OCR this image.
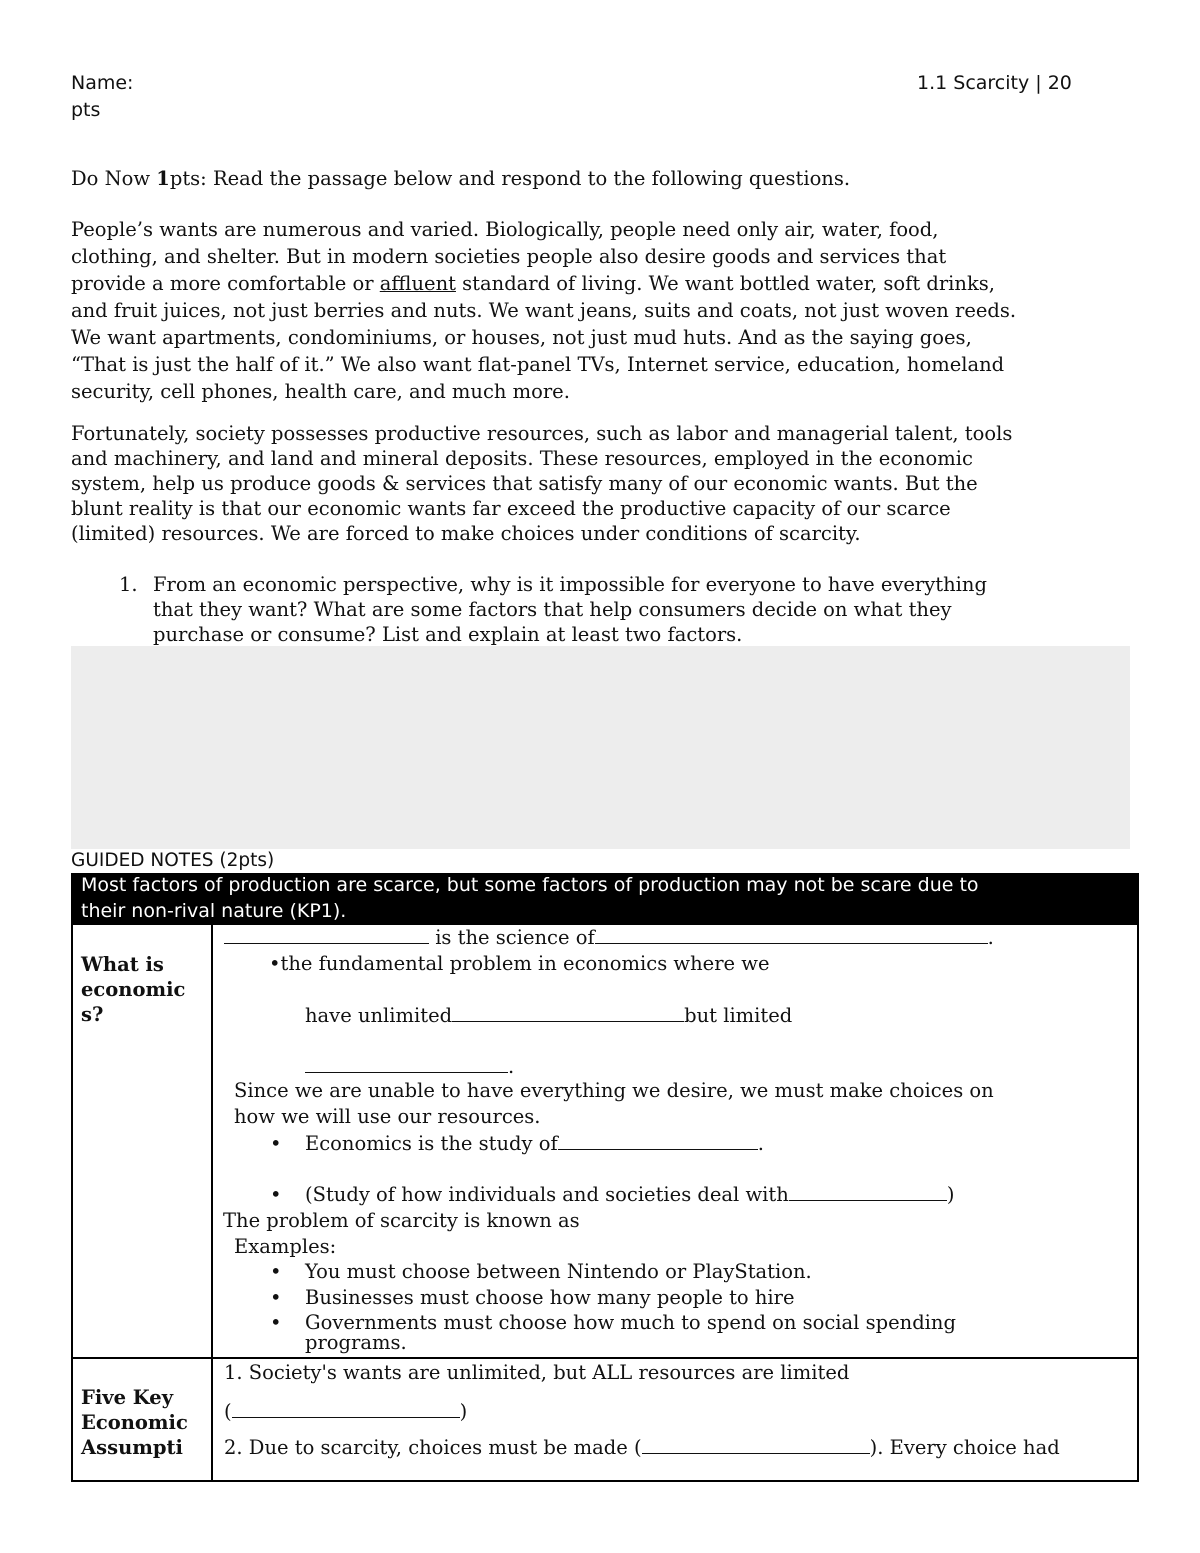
Name:
pts
1.1 Scarcity | 20
Do Now 1pts: Read the passage below and respond to the following questions.
People’s wants are numerous and varied. Biologically, people need only air, water, food,
clothing, and shelter. But in modern societies people also desire goods and services that
provide a more comfortable or affluent standard of living. We want bottled water, soft drinks,
and fruit juices, not just berries and nuts. We want jeans, suits and coats, not just woven reeds.
We want apartments, condominiums, or houses, not just mud huts. And as the saying goes,
“That is just the half of it.” We also want flat-panel TVs, Internet service, education, homeland
security, cell phones, health care, and much more.
Fortunately, society possesses productive resources, such as labor and managerial talent, tools
and machinery, and land and mineral deposits. These resources, employed in the economic
system, help us produce goods & services that satisfy many of our economic wants. But the
blunt reality is that our economic wants far exceed the productive capacity of our scarce
(limited) resources. We are forced to make choices under conditions of scarcity.
1. From an economic perspective, why is it impossible for everyone to have everything
that they want? What are some factors that help consumers decide on what they
purchase or consume? List and explain at least two factors.
GUIDED NOTES (2pts)
Most factors of production are scarce, but some factors of production may not be scare due to
their non-rival nature (KP1).
What is
economic
s?
is the science of	.
•the fundamental problem in economics where we
have unlimited	but limited
.
Since we are unable to have everything we desire, we must make choices on
how we will use our resources.
• Economics is the study of	.
• (Study of how individuals and societies deal with	)
The problem of scarcity is known as
Examples:
• You must choose between Nintendo or PlayStation.
• Businesses must choose how many people to hire
• Governments must choose how much to spend on social spending
programs.
Five Key
Economic
Assumpti
1. Society's wants are unlimited, but ALL resources are limited
(	)
2. Due to scarcity, choices must be made (	). Every choice had
